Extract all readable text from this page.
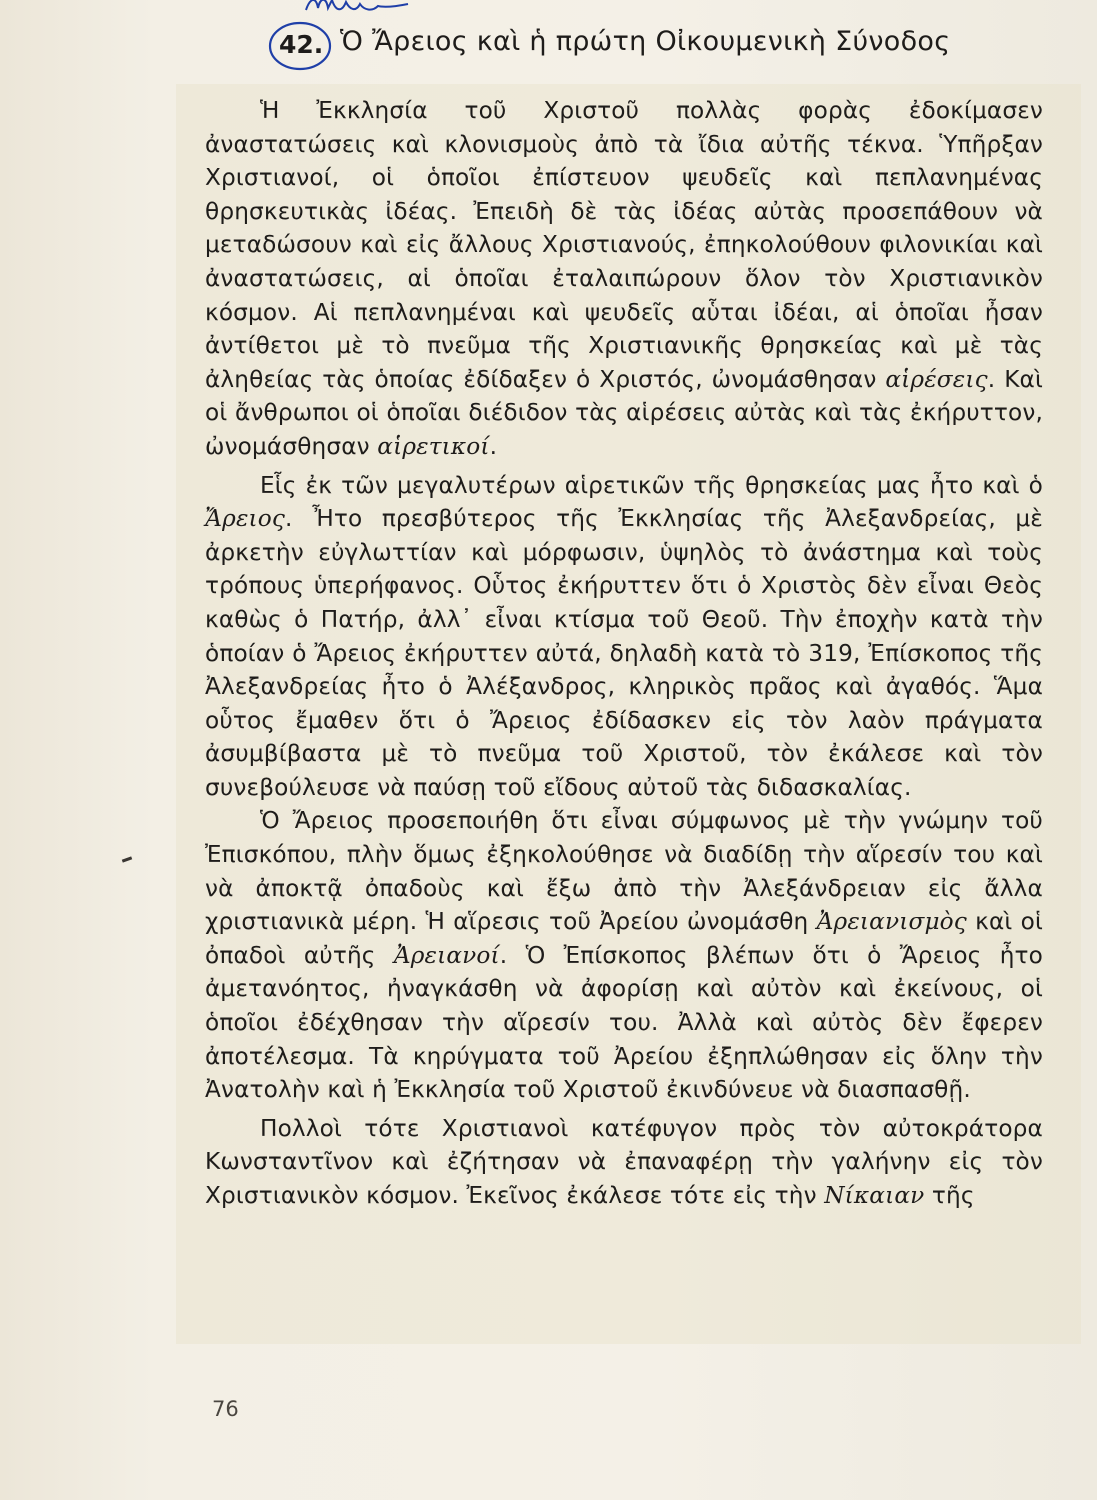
42. Ὁ Ἄρειος καὶ ἡ πρώτη Οἰκουμενικὴ Σύνοδος

Ἡ Ἐκκλησία τοῦ Χριστοῦ πολλὰς φορὰς ἐδοκίμασεν ἀναστατώσεις καὶ κλονισμοὺς ἀπὸ τὰ ἴδια αὐτῆς τέκνα. Ὑπῆρξαν Χριστιανοί, οἱ ὁποῖοι ἐπίστευον ψευδεῖς καὶ πεπλανημένας θρησκευτικὰς ἰδέας. Ἐπειδὴ δὲ τὰς ἰδέας αὐτὰς προσεπάθουν νὰ μεταδώσουν καὶ εἰς ἄλλους Χριστιανούς, ἐπηκολούθουν φιλονικίαι καὶ ἀναστατώσεις, αἱ ὁποῖαι ἐταλαιπώρουν ὅλον τὸν Χριστιανικὸν κόσμον. Αἱ πεπλανημέναι καὶ ψευδεῖς αὗται ἰδέαι, αἱ ὁποῖαι ἦσαν ἀντίθετοι μὲ τὸ πνεῦμα τῆς Χριστιανικῆς θρησκείας καὶ μὲ τὰς ἀληθείας τὰς ὁποίας ἐδίδαξεν ὁ Χριστός, ὠνομάσθησαν αἱρέσεις. Καὶ οἱ ἄνθρωποι οἱ ὁποῖαι διέδιδον τὰς αἱρέσεις αὐτὰς καὶ τὰς ἐκήρυττον, ὠνομάσθησαν αἱρετικοί.

Εἷς ἐκ τῶν μεγαλυτέρων αἱρετικῶν τῆς θρησκείας μας ἦτο καὶ ὁ Ἄρειος. Ἦτο πρεσβύτερος τῆς Ἐκκλησίας τῆς Ἀλεξανδρείας, μὲ ἀρκετὴν εὐγλωττίαν καὶ μόρφωσιν, ὑψηλὸς τὸ ἀνάστημα καὶ τοὺς τρόπους ὑπερήφανος. Οὗτος ἐκήρυττεν ὅτι ὁ Χριστὸς δὲν εἶναι Θεὸς καθὼς ὁ Πατήρ, ἀλλ᾿ εἶναι κτίσμα τοῦ Θεοῦ. Τὴν ἐποχὴν κατὰ τὴν ὁποίαν ὁ Ἄρειος ἐκήρυττεν αὐτά, δηλαδὴ κατὰ τὸ 319, Ἐπίσκοπος τῆς Ἀλεξανδρείας ἦτο ὁ Ἀλέξανδρος, κληρικὸς πρᾶος καὶ ἀγαθός. Ἅμα οὗτος ἔμαθεν ὅτι ὁ Ἄρειος ἐδίδασκεν εἰς τὸν λαὸν πράγματα ἀσυμβίβαστα μὲ τὸ πνεῦμα τοῦ Χριστοῦ, τὸν ἐκάλεσε καὶ τὸν συνεβούλευσε νὰ παύσῃ τοῦ εἴδους αὐτοῦ τὰς διδασκαλίας.

Ὁ Ἄρειος προσεποιήθη ὅτι εἶναι σύμφωνος μὲ τὴν γνώμην τοῦ Ἐπισκόπου, πλὴν ὅμως ἐξηκολούθησε νὰ διαδίδῃ τὴν αἵρεσίν του καὶ νὰ ἀποκτᾷ ὀπαδοὺς καὶ ἔξω ἀπὸ τὴν Ἀλεξάνδρειαν εἰς ἄλλα χριστιανικὰ μέρη. Ἡ αἵρεσις τοῦ Ἀρείου ὠνομάσθη Ἀρειανισμὸς καὶ οἱ ὀπαδοὶ αὐτῆς Ἀρειανοί. Ὁ Ἐπίσκοπος βλέπων ὅτι ὁ Ἄρειος ἦτο ἀμετανόητος, ἠναγκάσθη νὰ ἀφορίσῃ καὶ αὐτὸν καὶ ἐκείνους, οἱ ὁποῖοι ἐδέχθησαν τὴν αἵρεσίν του. Ἀλλὰ καὶ αὐτὸς δὲν ἔφερεν ἀποτέλεσμα. Τὰ κηρύγματα τοῦ Ἀρείου ἐξηπλώθησαν εἰς ὅλην τὴν Ἀνατολὴν καὶ ἡ Ἐκκλησία τοῦ Χριστοῦ ἐκινδύνευε νὰ διασπασθῇ.

Πολλοὶ τότε Χριστιανοὶ κατέφυγον πρὸς τὸν αὐτοκράτορα Κωνσταντῖνον καὶ ἐζήτησαν νὰ ἐπαναφέρῃ τὴν γαλήνην εἰς τὸν Χριστιανικὸν κόσμον. Ἐκεῖνος ἐκάλεσε τότε εἰς τὴν Νίκαιαν τῆς

76
